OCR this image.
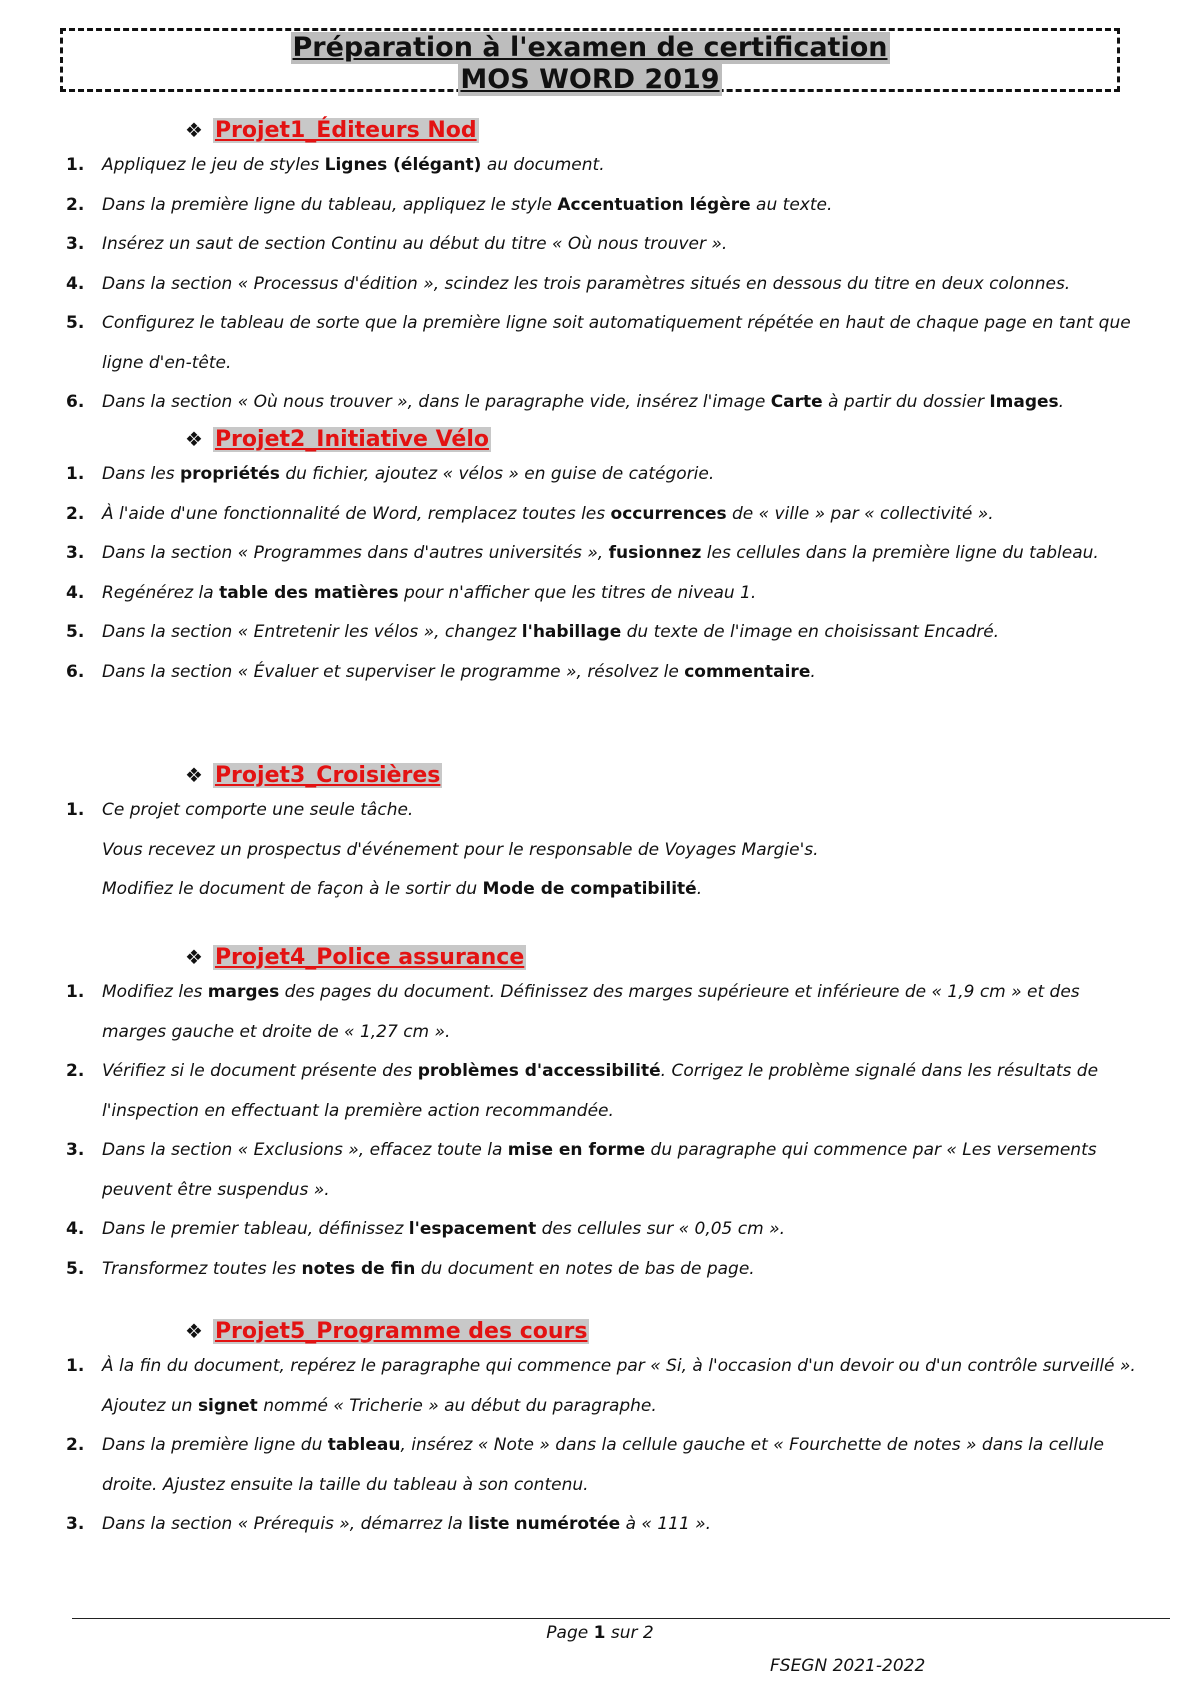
Préparation à l'examen de certification
MOS WORD 2019
❖ Projet1_Éditeurs Nod
1. Appliquez le jeu de styles Lignes (élégant) au document.
2. Dans la première ligne du tableau, appliquez le style Accentuation légère au texte.
3. Insérez un saut de section Continu au début du titre « Où nous trouver ».
4. Dans la section « Processus d'édition », scindez les trois paramètres situés en dessous du titre en deux colonnes.
5. Configurez le tableau de sorte que la première ligne soit automatiquement répétée en haut de chaque page en tant que ligne d'en-tête.
6. Dans la section « Où nous trouver », dans le paragraphe vide, insérez l'image Carte à partir du dossier Images.
❖ Projet2_Initiative Vélo
1. Dans les propriétés du fichier, ajoutez « vélos » en guise de catégorie.
2. À l'aide d'une fonctionnalité de Word, remplacez toutes les occurrences de « ville » par « collectivité ».
3. Dans la section « Programmes dans d'autres universités », fusionnez les cellules dans la première ligne du tableau.
4. Regénérez la table des matières pour n'afficher que les titres de niveau 1.
5. Dans la section « Entretenir les vélos », changez l'habillage du texte de l'image en choisissant Encadré.
6. Dans la section « Évaluer et superviser le programme », résolvez le commentaire.
❖ Projet3_Croisières
1. Ce projet comporte une seule tâche.
Vous recevez un prospectus d'événement pour le responsable de Voyages Margie's.
Modifiez le document de façon à le sortir du Mode de compatibilité.
❖ Projet4_Police assurance
1. Modifiez les marges des pages du document. Définissez des marges supérieure et inférieure de « 1,9 cm » et des marges gauche et droite de « 1,27 cm ».
2. Vérifiez si le document présente des problèmes d'accessibilité. Corrigez le problème signalé dans les résultats de l'inspection en effectuant la première action recommandée.
3. Dans la section « Exclusions », effacez toute la mise en forme du paragraphe qui commence par « Les versements peuvent être suspendus ».
4. Dans le premier tableau, définissez l'espacement des cellules sur « 0,05 cm ».
5. Transformez toutes les notes de fin du document en notes de bas de page.
❖ Projet5_Programme des cours
1. À la fin du document, repérez le paragraphe qui commence par « Si, à l'occasion d'un devoir ou d'un contrôle surveillé ». Ajoutez un signet nommé « Tricherie » au début du paragraphe.
2. Dans la première ligne du tableau, insérez « Note » dans la cellule gauche et « Fourchette de notes » dans la cellule droite. Ajustez ensuite la taille du tableau à son contenu.
3. Dans la section « Prérequis », démarrez la liste numérotée à « 111 ».
Page 1 sur 2
FSEGN 2021-2022
